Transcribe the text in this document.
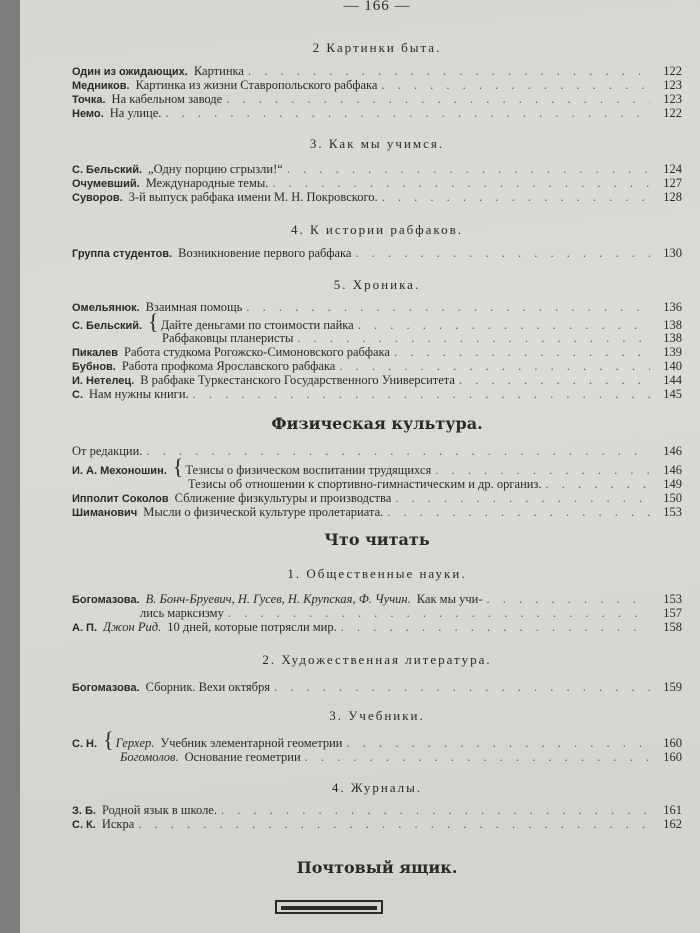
— 166 —
2 Картинки быта.
Один из ожидающих. Картинка . . .	122
Медников. Картинка из жизни Ставропольского рабфака . . .	123
Точка. На кабельном заводе . . .	123
Немо. На улице. . . .	122
3. Как мы учимся.
С. Бельский. „Одну порцию сгрызли!“ . . .	124
Очумевший. Международные темы. . . .	127
Суворов. 3-й выпуск рабфака имени М. Н. Покровского. . . .	128
4. К истории рабфаков.
Группа студентов. Возникновение первого рабфака . . .	130
5. Хроника.
Омельянюк. Взаимная помощь . . .	136
С. Бельский. { Дайте деньгами по стоимости пайка . . .	138
Рабфаковцы планеристы . . .	138
Пикалев Работа студкома Рогожско-Симоновского рабфака . . .	139
Бубнов. Работа профкома Ярославского рабфака . . .	140
И. Нетелец. В рабфаке Туркестанского Государственного Университета . . .	144
С. Нам нужны книги. . . .	145
Физическая культура.
От редакции. . . .	146
И. А. Мехоношин. { Тезисы о физическом воспитании трудящихся . . .	146
Тезисы об отношении к спортивно-гимнастическим и др. организ. . . .	149
Ипполит Соколов Сближение физкультуры и производства . . .	150
Шиманович Мысли о физической культуре пролетариата. . . .	153
Что читать
1. Общественные науки.
Богомазова. В. Бонч-Бруевич, Н. Гусев, Н. Крупская, Ф. Чучин. Как мы учи- . . .	153
лись марксизму . . .	157
А. П. Джон Рид. 10 дней, которые потрясли мир. . . .	158
2. Художественная литература.
Богомазова. Сборник. Вехи октября . . .	159
3. Учебники.
С. Н. { Герхер. Учебник элементарной геометрии . . .	160
Богомолов. Основание геометрии . . .	160
4. Журналы.
З. Б. Родной язык в школе. . . .	161
С. К. Искра . . .	162
Почтовый ящик.
